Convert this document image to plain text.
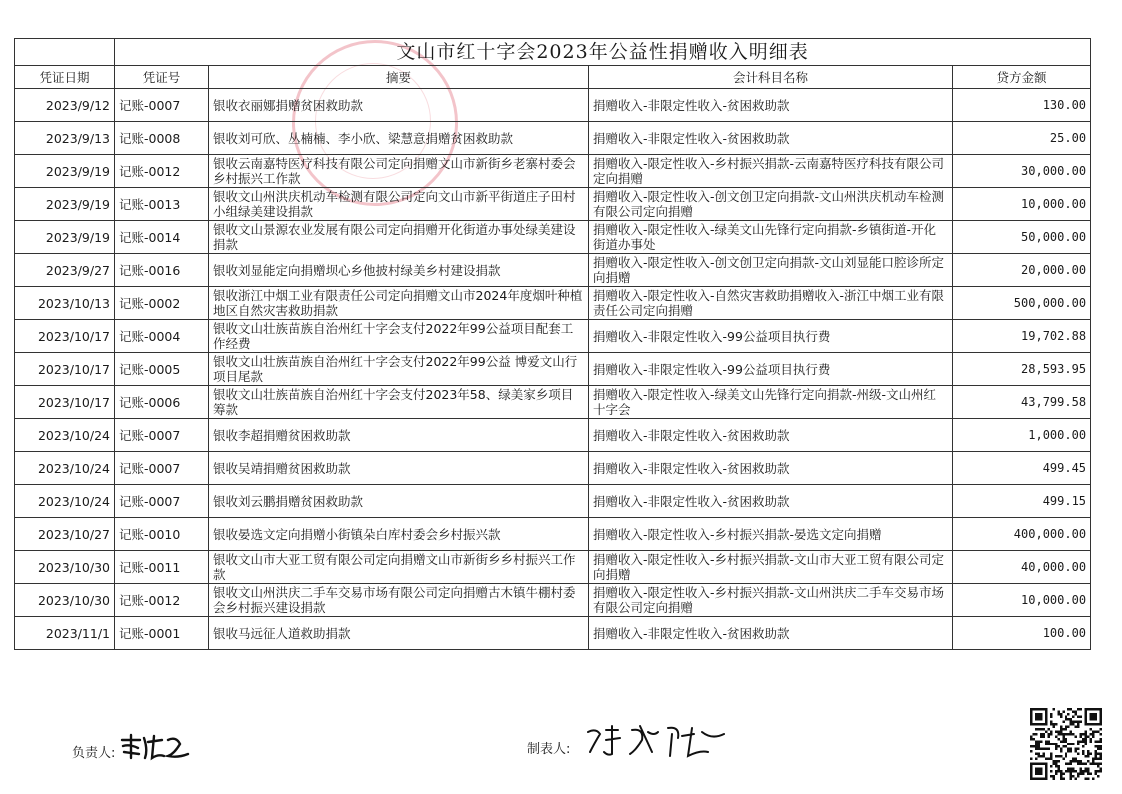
	文山市红十字会2023年公益性捐赠收入明细表			
凭证日期	凭证号	摘要	会计科目名称	贷方金额
2023/9/12	记账-0007	银收衣丽娜捐赠贫困救助款	捐赠收入-非限定性收入-贫困救助款	130.00
2023/9/13	记账-0008	银收刘可欣、丛楠楠、李小欣、梁慧意捐赠贫困救助款	捐赠收入-非限定性收入-贫困救助款	25.00
2023/9/19	记账-0012	银收云南嘉特医疗科技有限公司定向捐赠文山市新街乡老寨村委会乡村振兴工作款	捐赠收入-限定性收入-乡村振兴捐款-云南嘉特医疗科技有限公司定向捐赠	30,000.00
2023/9/19	记账-0013	银收文山州洪庆机动车检测有限公司定向文山市新平街道庄子田村小组绿美建设捐款	捐赠收入-限定性收入-创文创卫定向捐款-文山州洪庆机动车检测有限公司定向捐赠	10,000.00
2023/9/19	记账-0014	银收文山景源农业发展有限公司定向捐赠开化街道办事处绿美建设捐款	捐赠收入-限定性收入-绿美文山先锋行定向捐款-乡镇街道-开化街道办事处	50,000.00
2023/9/27	记账-0016	银收刘显能定向捐赠坝心乡他披村绿美乡村建设捐款	捐赠收入-限定性收入-创文创卫定向捐款-文山刘显能口腔诊所定向捐赠	20,000.00
2023/10/13	记账-0002	银收浙江中烟工业有限责任公司定向捐赠文山市2024年度烟叶种植地区自然灾害救助捐款	捐赠收入-限定性收入-自然灾害救助捐赠收入-浙江中烟工业有限责任公司定向捐赠	500,000.00
2023/10/17	记账-0004	银收文山壮族苗族自治州红十字会支付2022年99公益项目配套工作经费	捐赠收入-非限定性收入-99公益项目执行费	19,702.88
2023/10/17	记账-0005	银收文山壮族苗族自治州红十字会支付2022年99公益 博爱文山行项目尾款	捐赠收入-非限定性收入-99公益项目执行费	28,593.95
2023/10/17	记账-0006	银收文山壮族苗族自治州红十字会支付2023年58、绿美家乡项目筹款	捐赠收入-限定性收入-绿美文山先锋行定向捐款-州级-文山州红十字会	43,799.58
2023/10/24	记账-0007	银收李超捐赠贫困救助款	捐赠收入-非限定性收入-贫困救助款	1,000.00
2023/10/24	记账-0007	银收吴靖捐赠贫困救助款	捐赠收入-非限定性收入-贫困救助款	499.45
2023/10/24	记账-0007	银收刘云鹏捐赠贫困救助款	捐赠收入-非限定性收入-贫困救助款	499.15
2023/10/27	记账-0010	银收晏选文定向捐赠小街镇朵白库村委会乡村振兴款	捐赠收入-限定性收入-乡村振兴捐款-晏选文定向捐赠	400,000.00
2023/10/30	记账-0011	银收文山市大亚工贸有限公司定向捐赠文山市新街乡乡村振兴工作款	捐赠收入-限定性收入-乡村振兴捐款-文山市大亚工贸有限公司定向捐赠	40,000.00
2023/10/30	记账-0012	银收文山州洪庆二手车交易市场有限公司定向捐赠古木镇牛棚村委会乡村振兴建设捐款	捐赠收入-限定性收入-乡村振兴捐款-文山州洪庆二手车交易市场有限公司定向捐赠	10,000.00
2023/11/1	记账-0001	银收马远征人道救助捐款	捐赠收入-非限定性收入-贫困救助款	100.00
负责人:	制表人:
